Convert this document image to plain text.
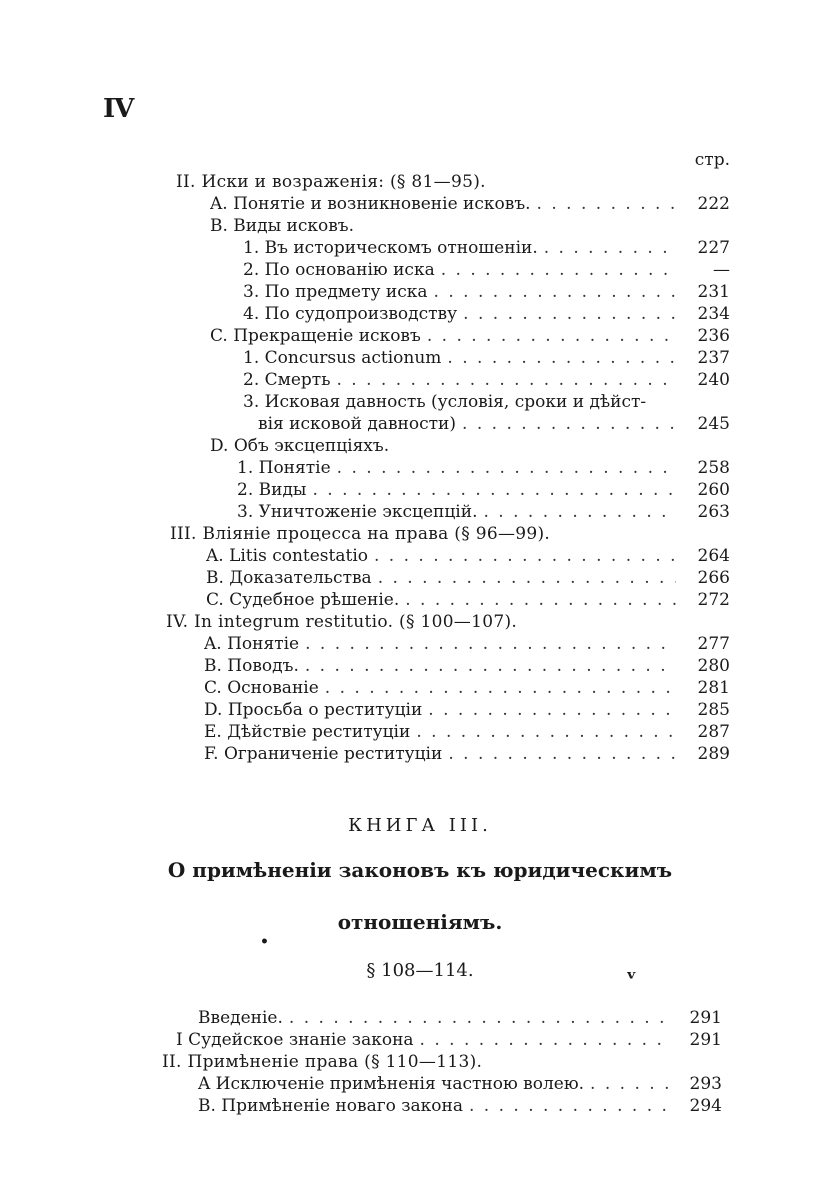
IV
стр.
II. Иски и возраженія: (§ 81—95).
A. Понятіе и возникновеніе исковъ. . . .	222
B. Виды исковъ.
1. Въ историческомъ отношеніи. . . .	227
2. По основанію иска . . .	—
3. По предмету иска . . .	231
4. По судопроизводству . . .	234
C. Прекращеніе исковъ . . .	236
1. Concursus actionum . . .	237
2. Смерть . . .	240
3. Исковая давность (условія, сроки и дѣйст-
вія исковой давности) . . .	245
D. Объ эксцепціяхъ.
1. Понятіе . . .	258
2. Виды . . .	260
3. Уничтоженіе эксцепцій. . . .	263
III. Вліяніе процесса на права (§ 96—99).
A. Litis contestatio . . .	264
B. Доказательства . . .	266
C. Судебное рѣшеніе. . . .	272
IV. In integrum restitutio. (§ 100—107).
A. Понятіе . . .	277
B. Поводъ. . . .	280
C. Основаніе . . .	281
D. Просьба о реституціи . . .	285
E. Дѣйствіе реституціи . . .	287
F. Ограниченіе реституціи . . .	289
КНИГА III.
О примѣненіи законовъ къ юридическимъ
отношеніямъ.
•
§ 108—114.	ᵛ
Введеніе. . . .	291
I Судейское знаніе закона . . .	291
II. Примѣненіе права (§ 110—113).
A Исключеніе примѣненія частною волею. . . .	293
B. Примѣненіе новаго закона . . .	294
